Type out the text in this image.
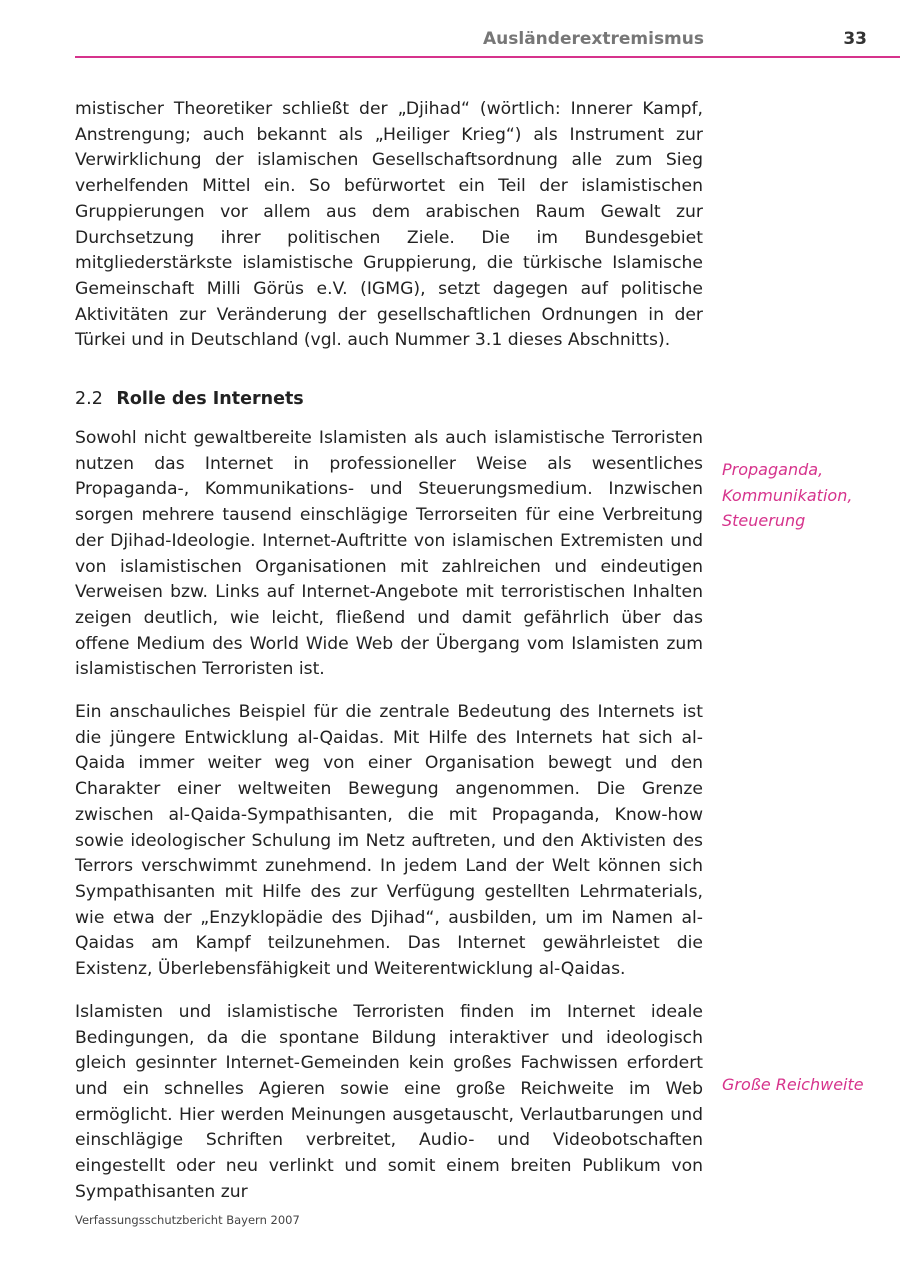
Ausländerextremismus	33

mistischer Theoretiker schließt der „Djihad“ (wörtlich: Innerer Kampf, Anstrengung; auch bekannt als „Heiliger Krieg“) als Instrument zur Verwirklichung der islamischen Gesellschaftsordnung alle zum Sieg verhelfenden Mittel ein. So befürwortet ein Teil der islamistischen Gruppierungen vor allem aus dem arabischen Raum Gewalt zur Durchsetzung ihrer politischen Ziele. Die im Bundesgebiet mitgliederstärkste islamistische Gruppierung, die türkische Islamische Gemeinschaft Milli Görüs e.V. (IGMG), setzt dagegen auf politische Aktivitäten zur Veränderung der gesellschaftlichen Ordnungen in der Türkei und in Deutschland (vgl. auch Nummer 3.1 dieses Abschnitts).

2.2 Rolle des Internets

Sowohl nicht gewaltbereite Islamisten als auch islamistische Terroristen nutzen das Internet in professioneller Weise als wesentliches Propaganda-, Kommunikations- und Steuerungsmedium. Inzwischen sorgen mehrere tausend einschlägige Terrorseiten für eine Verbreitung der Djihad-Ideologie. Internet-Auftritte von islamischen Extremisten und von islamistischen Organisationen mit zahlreichen und eindeutigen Verweisen bzw. Links auf Internet-Angebote mit terroristischen Inhalten zeigen deutlich, wie leicht, fließend und damit gefährlich über das offene Medium des World Wide Web der Übergang vom Islamisten zum islamistischen Terroristen ist.

Ein anschauliches Beispiel für die zentrale Bedeutung des Internets ist die jüngere Entwicklung al-Qaidas. Mit Hilfe des Internets hat sich al-Qaida immer weiter weg von einer Organisation bewegt und den Charakter einer weltweiten Bewegung angenommen. Die Grenze zwischen al-Qaida-Sympathisanten, die mit Propaganda, Know-how sowie ideologischer Schulung im Netz auftreten, und den Aktivisten des Terrors verschwimmt zunehmend. In jedem Land der Welt können sich Sympathisanten mit Hilfe des zur Verfügung gestellten Lehrmaterials, wie etwa der „Enzyklopädie des Djihad“, ausbilden, um im Namen al-Qaidas am Kampf teilzunehmen. Das Internet gewährleistet die Existenz, Überlebensfähigkeit und Weiterentwicklung al-Qaidas.

Islamisten und islamistische Terroristen finden im Internet ideale Bedingungen, da die spontane Bildung interaktiver und ideologisch gleich gesinnter Internet-Gemeinden kein großes Fachwissen erfordert und ein schnelles Agieren sowie eine große Reichweite im Web ermöglicht. Hier werden Meinungen ausgetauscht, Verlautbarungen und einschlägige Schriften verbreitet, Audio- und Videobotschaften eingestellt oder neu verlinkt und somit einem breiten Publikum von Sympathisanten zur

Propaganda,
Kommunikation,
Steuerung
Große Reichweite
Verfassungsschutzbericht Bayern 2007
